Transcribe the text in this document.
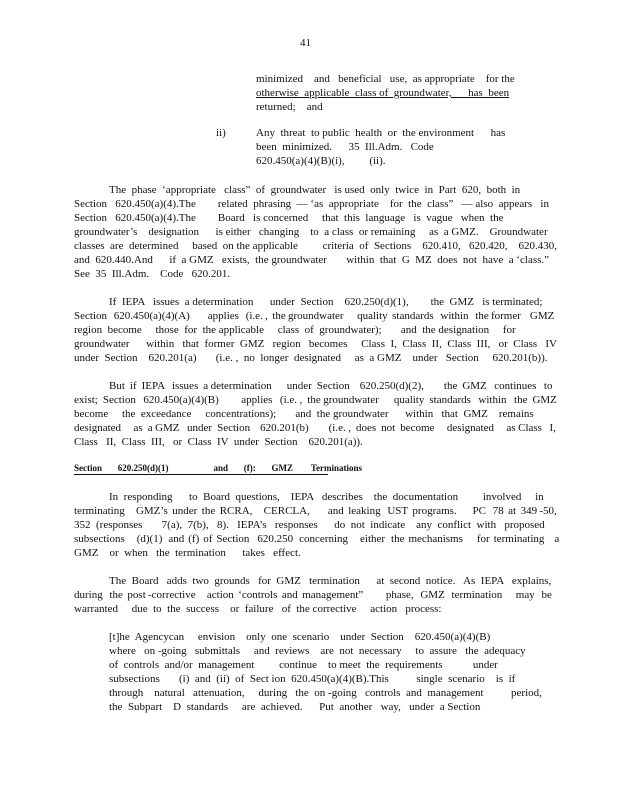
41
minimized    and   beneficial   use,  as appropriate    for the
otherwise  applicable  class of  groundwater,      has  been
returned;    and
ii)	Any  threat  to public  health  or  the environment      has
been  minimized.      35  Ill.Adm.   Code
620.450(a)(4)(B)(i),         (ii).
The  phase  ‘appropriate   class”  of  groundwater   is used  only  twice  in  Part  620,  both  in
Section   620.450(a)(4).The        related  phrasing  — ‘as  appropriate    for  the  class”   — also  appears   in
Section   620.450(a)(4).The        Board   is concerned     that  this  language   is  vague   when  the
groundwater’s    designation      is either   changing    to  a class  or remaining     as  a GMZ.    Groundwater
classes  are  determined     based  on the applicable         criteria  of  Sections    620.410,   620.420,    620.430,
and  620.440.And      if  a GMZ   exists,  the groundwater       within  that  G  MZ  does  not  have  a ‘class.”
See  35  Ill.Adm.    Code   620.201.
If  IEPA   issues  a determination      under  Section    620.250(d)(1),        the  GMZ   is terminated;
Section   620.450(a)(4)(A)        applies   (i.e. ,  the groundwater      quality  standards   within   the former    GMZ
region  become     those  for  the applicable     class  of  groundwater);       and  the designation     for
groundwater      within   that  former  GMZ   region   becomes     Class  I,  Class  II,  Class  III,   or  Class   IV
under  Section    620.201(a)       (i.e. ,  no  longer  designated     as  a GMZ    under   Section     620.201(b)).
But  if  IEPA   issues  a determination      under  Section    620.250(d)(2),        the  GMZ   continues   to
exist;  Section   620.450(a)(4)(B)         applies   (i.e. ,  the groundwater      quality  standards   within   the  GMZ
become     the  exceedance     concentrations);       and  the groundwater      within   that  GMZ    remains
designated     as  a GMZ   under  Section    620.201(b)        (i.e. ,  does  not  become     designated     as Class   I,
Class   II,  Class  III,   or  Class  IV  under  Section    620.201(a)).
Section       620.250(d)(1)                    and       (f):       GMZ        Terminations
In  responding      to  Board  questions,    IEPA   describes    the  documentation         involved     in
terminating     GMZ’s  under  the  RCRA,     CERCLA,        and  leaking   UST  programs.       PC   78  at  349 -50,
352  (responses       7(a),  7(b),   8).   IEPA’s   responses      do  not  indicate    any  conflict  with   proposed
subsections      (d)(1)   and  (f)  of  Section    620.250   concerning      either   the  mechanisms       for  terminating     a
GMZ    or  when   the  termination      takes   effect.
The  Board   adds  two  grounds   for  GMZ   termination      at  second  notice.   As  IEPA   explains,
during   the  post -corrective     action  ‘controls  and  management”          phase,   GMZ   termination      may   be
warranted     due  to  the  success    or  failure   of  the corrective     action   process:
[t]he  Agencycan     envision    only  one  scenario    under  Section    620.450(a)(4)(B)
where   on -going   submittals     and  reviews    are  not  necessary     to  assure   the  adequacy
of  controls  and/or  management         continue    to meet  the  requirements           under
subsections       (i)  and  (ii)  of  Sect ion  620.450(a)(4)(B).This          single  scenario    is  if
through    natural   attenuation,     during   the  on -going   controls  and  management          period,
the  Subpart    D  standards     are  achieved.      Put  another   way,   under  a Section
